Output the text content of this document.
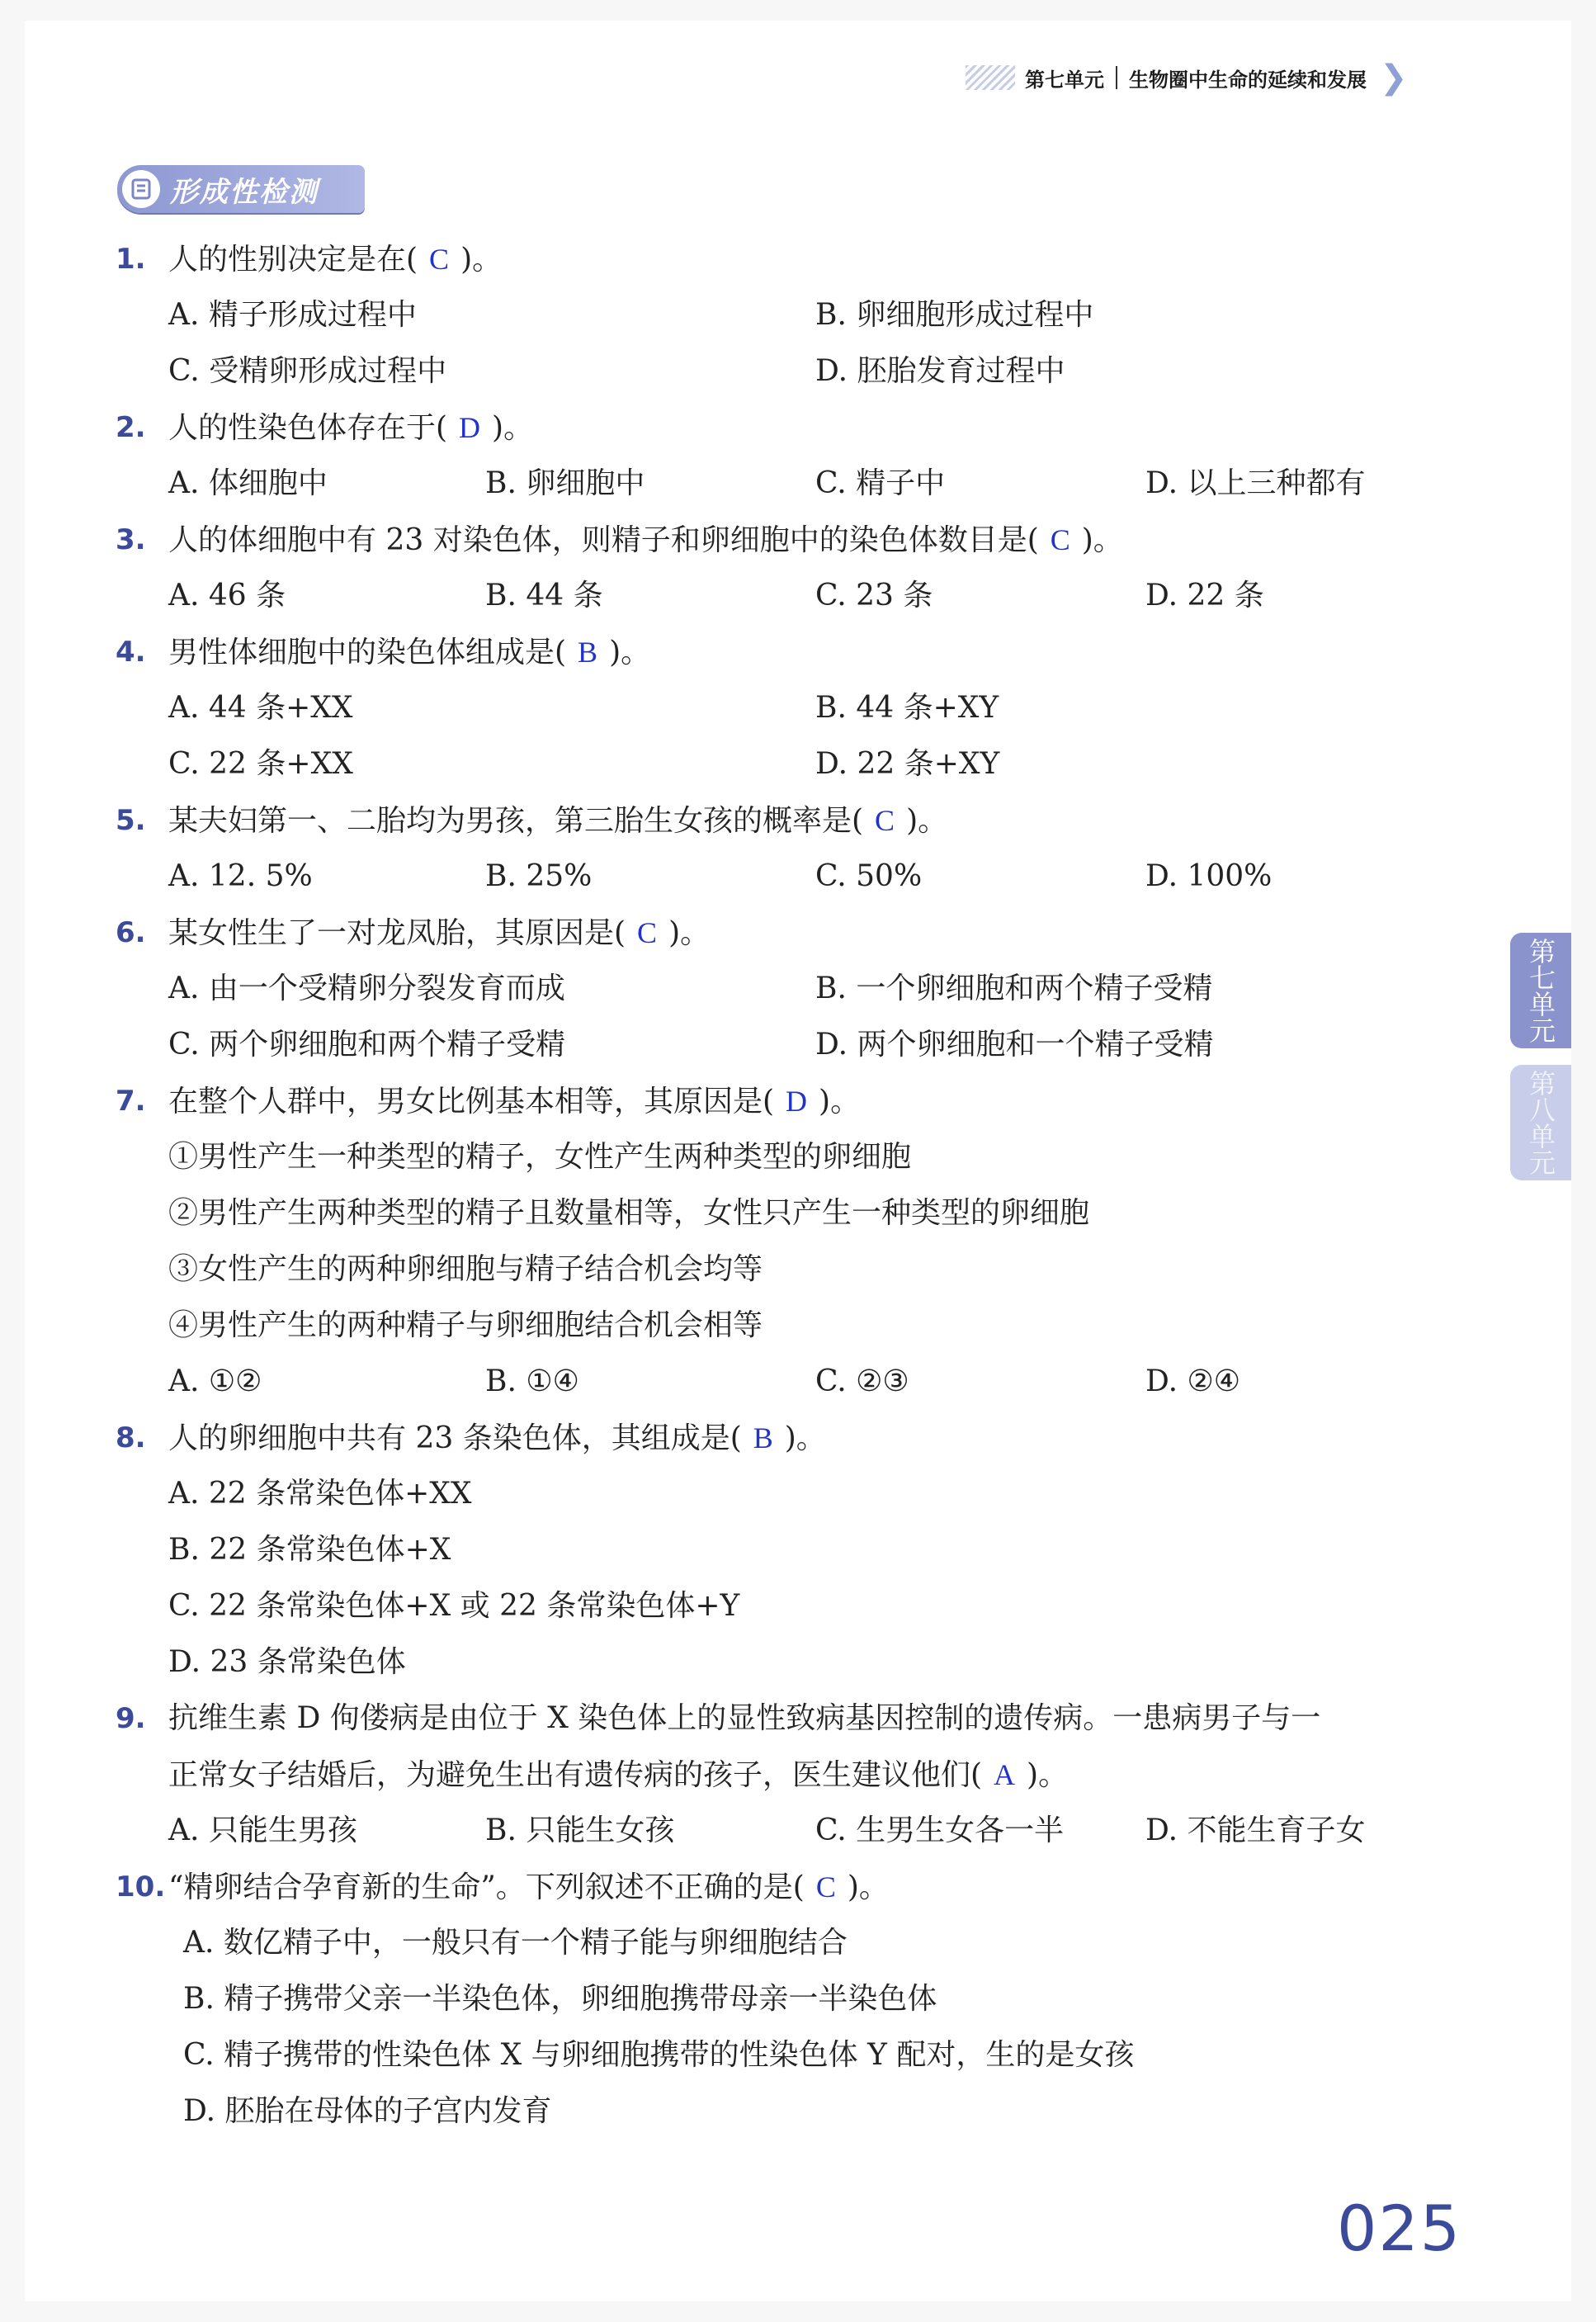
第七单元 生物圈中生命的延续和发展 ❯
形成性检测
1. 人的性别决定是在( C )。
A. 精子形成过程中	B. 卵细胞形成过程中
C. 受精卵形成过程中	D. 胚胎发育过程中
2. 人的性染色体存在于( D )。
A. 体细胞中	B. 卵细胞中	C. 精子中	D. 以上三种都有
3. 人的体细胞中有 23 对染色体，则精子和卵细胞中的染色体数目是( C )。
A. 46 条	B. 44 条	C. 23 条	D. 22 条
4. 男性体细胞中的染色体组成是( B )。
A. 44 条+XX	B. 44 条+XY
C. 22 条+XX	D. 22 条+XY
5. 某夫妇第一、二胎均为男孩，第三胎生女孩的概率是( C )。
A. 12. 5%	B. 25%	C. 50%	D. 100%
6. 某女性生了一对龙凤胎，其原因是( C )。
A. 由一个受精卵分裂发育而成	B. 一个卵细胞和两个精子受精
C. 两个卵细胞和两个精子受精	D. 两个卵细胞和一个精子受精
7. 在整个人群中，男女比例基本相等，其原因是( D )。
①男性产生一种类型的精子，女性产生两种类型的卵细胞
②男性产生两种类型的精子且数量相等，女性只产生一种类型的卵细胞
③女性产生的两种卵细胞与精子结合机会均等
④男性产生的两种精子与卵细胞结合机会相等
A. ①②	B. ①④	C. ②③	D. ②④
8. 人的卵细胞中共有 23 条染色体，其组成是( B )。
A. 22 条常染色体+XX
B. 22 条常染色体+X
C. 22 条常染色体+X 或 22 条常染色体+Y
D. 23 条常染色体
9. 抗维生素 D 佝偻病是由位于 X 染色体上的显性致病基因控制的遗传病。一患病男子与一
正常女子结婚后，为避免生出有遗传病的孩子，医生建议他们( A )。
A. 只能生男孩	B. 只能生女孩	C. 生男生女各一半	D. 不能生育子女
10. “精卵结合孕育新的生命”。下列叙述不正确的是( C )。
A. 数亿精子中，一般只有一个精子能与卵细胞结合
B. 精子携带父亲一半染色体，卵细胞携带母亲一半染色体
C. 精子携带的性染色体 X 与卵细胞携带的性染色体 Y 配对，生的是女孩
D. 胚胎在母体的子宫内发育
第七单元
第八单元
025
